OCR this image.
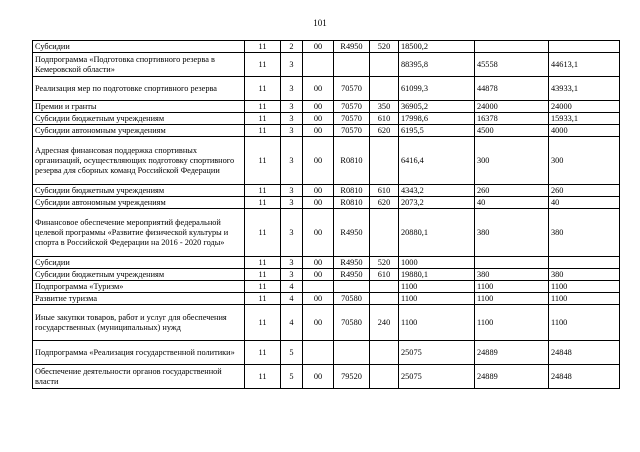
101
Субсидии	11	2	00	R4950	520	18500,2		
Подпрограмма «Подготовка спортивного резерва в Кемеровской области»	11	3				88395,8	45558	44613,1
Реализация мер по подготовке спортивного резерва	11	3	00	70570		61099,3	44878	43933,1
Премии и гранты	11	3	00	70570	350	36905,2	24000	24000
Субсидии бюджетным учреждениям	11	3	00	70570	610	17998,6	16378	15933,1
Субсидии автономным учреждениям	11	3	00	70570	620	6195,5	4500	4000
Адресная финансовая поддержка спортивных организаций, осуществляющих подготовку спортивного резерва для сборных команд Российской Федерации	11	3	00	R0810		6416,4	300	300
Субсидии бюджетным учреждениям	11	3	00	R0810	610	4343,2	260	260
Субсидии автономным учреждениям	11	3	00	R0810	620	2073,2	40	40
Финансовое обеспечение мероприятий федеральной целевой программы «Развитие физической культуры и спорта в Российской Федерации на 2016 - 2020 годы»	11	3	00	R4950		20880,1	380	380
Субсидии	11	3	00	R4950	520	1000		
Субсидии бюджетным учреждениям	11	3	00	R4950	610	19880,1	380	380
Подпрограмма «Туризм»	11	4				1100	1100	1100
Развитие туризма	11	4	00	70580		1100	1100	1100
Иные закупки товаров, работ и услуг для обеспечения государственных (муниципальных) нужд	11	4	00	70580	240	1100	1100	1100
Подпрограмма «Реализация государственной политики»	11	5				25075	24889	24848
Обеспечение деятельности органов государственной власти	11	5	00	79520		25075	24889	24848
